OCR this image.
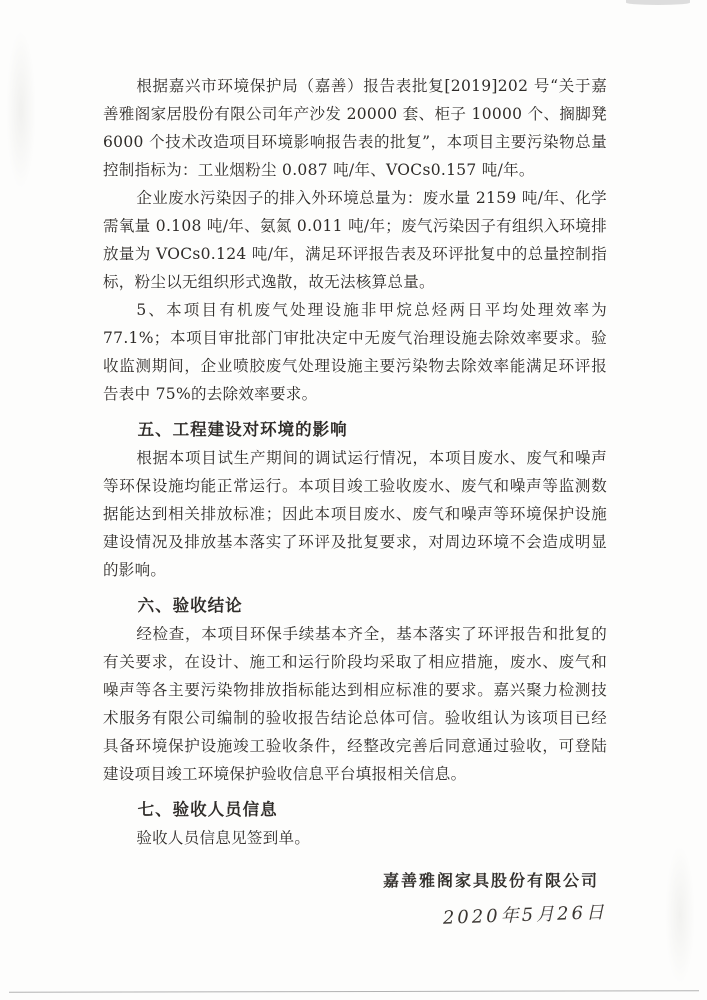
根据嘉兴市环境保护局（嘉善）报告表批复[2019]202 号“关于嘉善雅阁家居股份有限公司年产沙发 20000 套、柜子 10000 个、搁脚凳 6000 个技术改造项目环境影响报告表的批复”，本项目主要污染物总量控制指标为：工业烟粉尘 0.087 吨/年、VOCs0.157 吨/年。

企业废水污染因子的排入外环境总量为：废水量 2159 吨/年、化学需氧量 0.108 吨/年、氨氮 0.011 吨/年；废气污染因子有组织入环境排放量为 VOCs0.124 吨/年，满足环评报告表及环评批复中的总量控制指标，粉尘以无组织形式逸散，故无法核算总量。

5、本项目有机废气处理设施非甲烷总烃两日平均处理效率为 77.1%；本项目审批部门审批决定中无废气治理设施去除效率要求。验收监测期间，企业喷胶废气处理设施主要污染物去除效率能满足环评报告表中 75%的去除效率要求。

五、工程建设对环境的影响

根据本项目试生产期间的调试运行情况，本项目废水、废气和噪声等环保设施均能正常运行。本项目竣工验收废水、废气和噪声等监测数据能达到相关排放标准；因此本项目废水、废气和噪声等环境保护设施建设情况及排放基本落实了环评及批复要求，对周边环境不会造成明显的影响。

六、验收结论

经检查，本项目环保手续基本齐全，基本落实了环评报告和批复的有关要求，在设计、施工和运行阶段均采取了相应措施，废水、废气和噪声等各主要污染物排放指标能达到相应标准的要求。嘉兴聚力检测技术服务有限公司编制的验收报告结论总体可信。验收组认为该项目已经具备环境保护设施竣工验收条件，经整改完善后同意通过验收，可登陆建设项目竣工环境保护验收信息平台填报相关信息。

七、验收人员信息

验收人员信息见签到单。

嘉善雅阁家具股份有限公司
2020年5月26日
